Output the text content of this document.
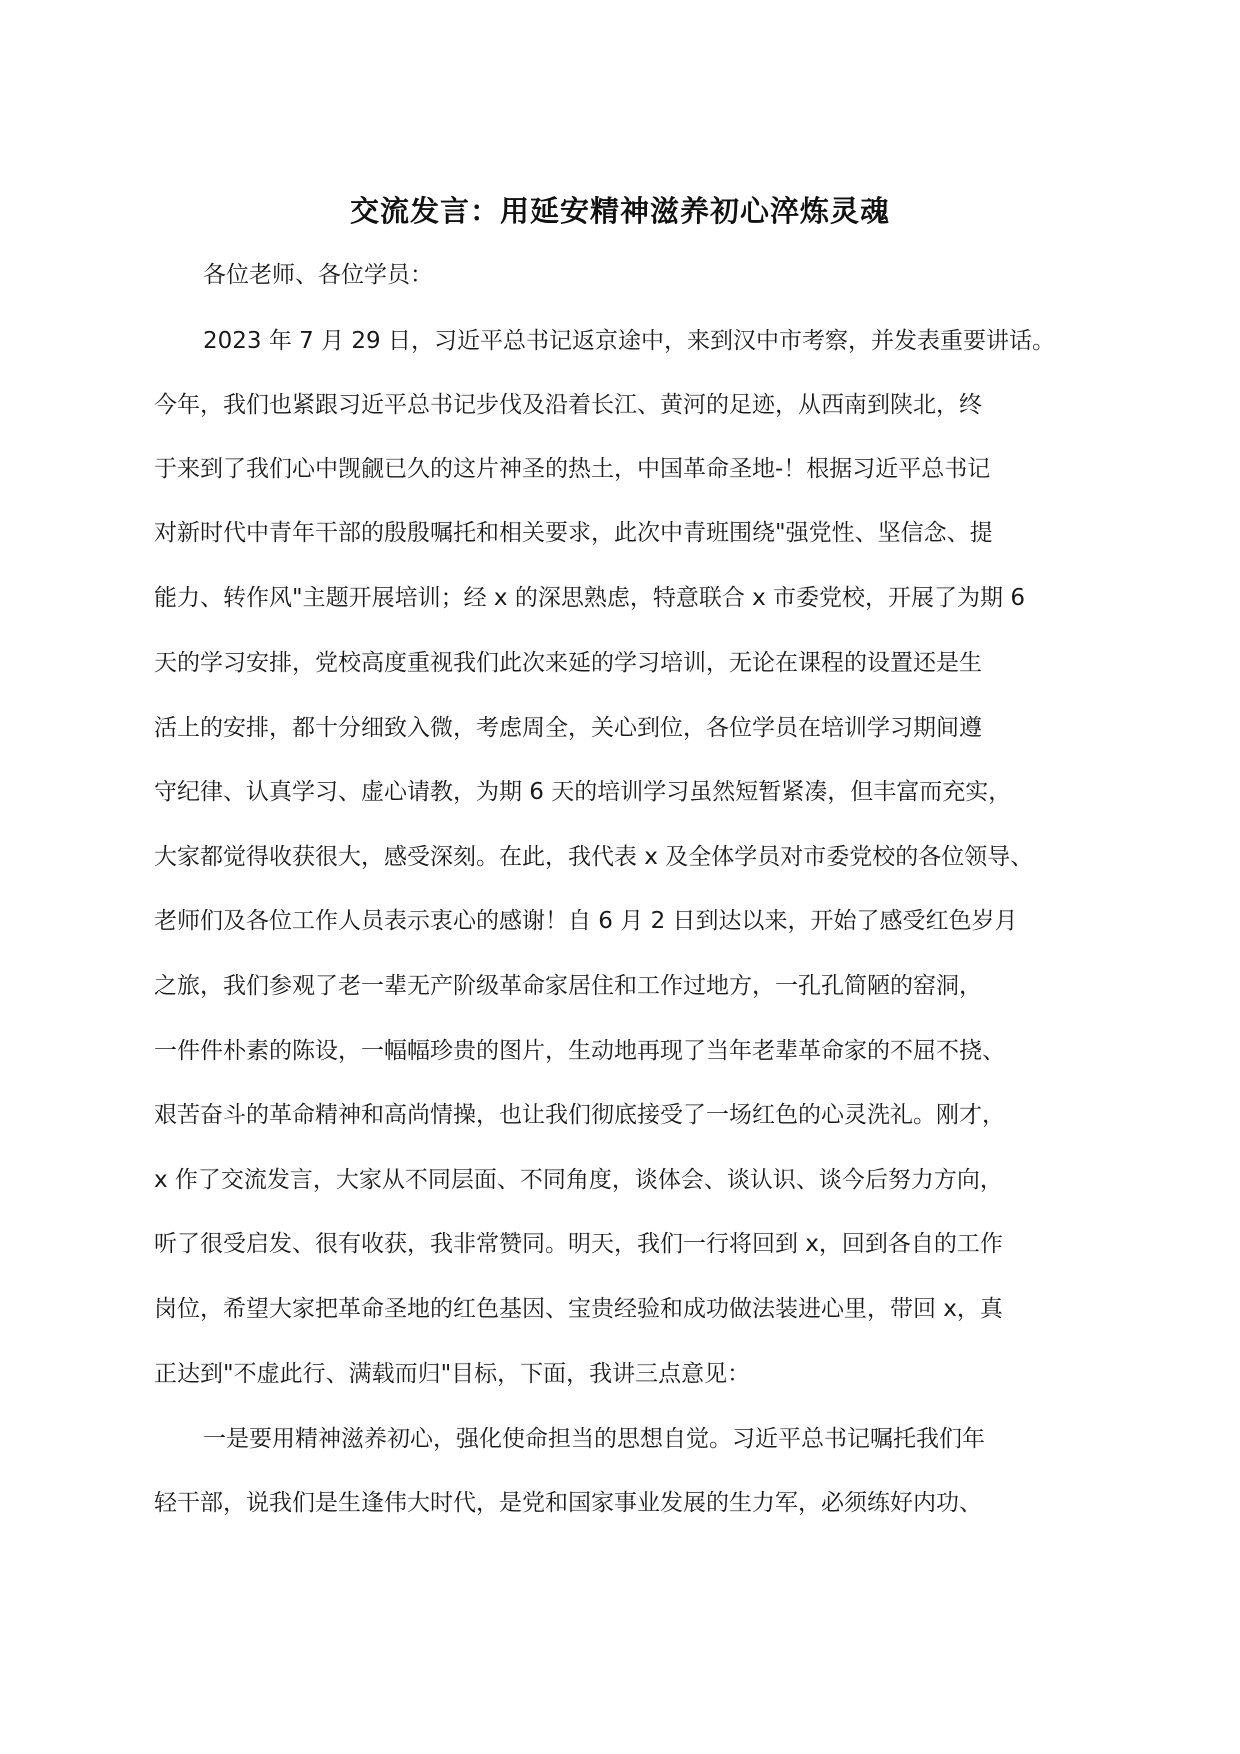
交流发言：用延安精神滋养初心淬炼灵魂
各位老师、各位学员：
2023 年 7 月 29 日，习近平总书记返京途中，来到汉中市考察，并发表重要讲话。
今年，我们也紧跟习近平总书记步伐及沿着长江、黄河的足迹，从西南到陕北，终
于来到了我们心中觊觎已久的这片神圣的热土，中国革命圣地-！根据习近平总书记
对新时代中青年干部的殷殷嘱托和相关要求，此次中青班围绕"强党性、坚信念、提
能力、转作风"主题开展培训；经 x 的深思熟虑，特意联合 x 市委党校，开展了为期 6
天的学习安排，党校高度重视我们此次来延的学习培训，无论在课程的设置还是生
活上的安排，都十分细致入微，考虑周全，关心到位，各位学员在培训学习期间遵
守纪律、认真学习、虚心请教，为期 6 天的培训学习虽然短暂紧凑，但丰富而充实，
大家都觉得收获很大，感受深刻。在此，我代表 x 及全体学员对市委党校的各位领导、
老师们及各位工作人员表示衷心的感谢！自 6 月 2 日到达以来，开始了感受红色岁月
之旅，我们参观了老一辈无产阶级革命家居住和工作过地方，一孔孔简陋的窑洞，
一件件朴素的陈设，一幅幅珍贵的图片，生动地再现了当年老辈革命家的不屈不挠、
艰苦奋斗的革命精神和高尚情操，也让我们彻底接受了一场红色的心灵洗礼。刚才，
x 作了交流发言，大家从不同层面、不同角度，谈体会、谈认识、谈今后努力方向，
听了很受启发、很有收获，我非常赞同。明天，我们一行将回到 x，回到各自的工作
岗位，希望大家把革命圣地的红色基因、宝贵经验和成功做法装进心里，带回 x，真
正达到"不虚此行、满载而归"目标，下面，我讲三点意见：
一是要用精神滋养初心，强化使命担当的思想自觉。习近平总书记嘱托我们年
轻干部，说我们是生逢伟大时代，是党和国家事业发展的生力军，必须练好内功、
